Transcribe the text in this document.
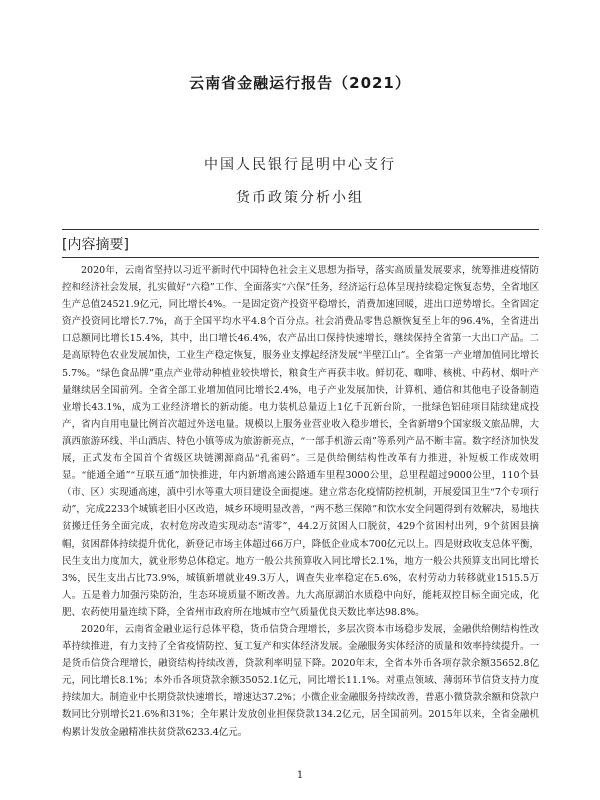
云南省金融运行报告（2021）
中国人民银行昆明中心支行
货币政策分析小组
[内容摘要]

2020年，云南省坚持以习近平新时代中国特色社会主义思想为指导，落实高质量发展要求，统筹推进疫情防控和经济社会发展，扎实做好“六稳”工作、全面落实“六保”任务，经济运行总体呈现持续稳定恢复态势，全省地区生产总值24521.9亿元，同比增长4%。一是固定资产投资平稳增长，消费加速回暖，进出口逆势增长。全省固定资产投资同比增长7.7%，高于全国平均水平4.8个百分点。社会消费品零售总额恢复至上年的96.4%，全省进出口总额同比增长15.4%，其中，出口增长46.4%，农产品出口保持快速增长，继续保持全省第一大出口产品。二是高原特色农业发展加快，工业生产稳定恢复，服务业支撑起经济发展“半壁江山”。全省第一产业增加值同比增长5.7%。“绿色食品牌”重点产业带动种植业较快增长，粮食生产再获丰收。鲜切花、咖啡、核桃、中药材、烟叶产量继续居全国前列。全省全部工业增加值同比增长2.4%，电子产业发展加快，计算机、通信和其他电子设备制造业增长43.1%，成为工业经济增长的新动能。电力装机总量迈上1亿千瓦新台阶，一批绿色铝硅项目陆续建成投产，省内自用电量比例首次超过外送电量。规模以上服务业营业收入稳步增长，全省新增9个国家级文旅品牌，大滇西旅游环线、半山酒店、特色小镇等成为旅游新亮点，“一部手机游云南”等系列产品不断丰富。数字经济加快发展，正式发布全国首个省级区块链溯源商品“孔雀码”。三是供给侧结构性改革有力推进，补短板工作成效明显。“能通全通”“互联互通”加快推进，年内新增高速公路通车里程3000公里，总里程超过9000公里，110个县（市、区）实现通高速，滇中引水等重大项目建设全面提速。建立常态化疫情防控机制，开展爱国卫生“7个专项行动”，完成2233个城镇老旧小区改造，城乡环境明显改善，“两不愁三保障”和饮水安全问题得到有效解决，易地扶贫搬迁任务全面完成，农村危房改造实现动态“清零”，44.2万贫困人口脱贫，429个贫困村出列，9个贫困县摘帽，贫困群体持续提升优化，新登记市场主体超过66万户，降低企业成本700亿元以上。四是财政收支总体平衡，民生支出力度加大，就业形势总体稳定。地方一般公共预算收入同比增长2.1%，地方一般公共预算支出同比增长3%，民生支出占比73.9%，城镇新增就业49.3万人，调查失业率稳定在5.6%，农村劳动力转移就业1515.5万人。五是着力加强污染防治，生态环境质量不断改善。九大高原湖泊水质稳中向好，能耗双控目标全面完成，化肥、农药使用量连续下降，全省州市政府所在地城市空气质量优良天数比率达98.8%。

2020年，云南省金融业运行总体平稳，货币信贷合理增长，多层次资本市场稳步发展，金融供给侧结构性改革持续推进，有力支持了全省疫情防控、复工复产和实体经济发展。金融服务实体经济的质量和效率持续提升。一是货币信贷合理增长，融资结构持续改善，贷款利率明显下降。2020年末，全省本外币各项存款余额35652.8亿元，同比增长8.1%；本外币各项贷款余额35052.1亿元，同比增长11.1%。对重点领域、薄弱环节信贷支持力度持续加大。制造业中长期贷款快速增长，增速达37.2%；小微企业金融服务持续改善，普惠小微贷款余额和贷款户数同比分别增长21.6%和31%；全年累计发放创业担保贷款134.2亿元，居全国前列。2015年以来，全省金融机构累计发放金融精准扶贫贷款6233.4亿元。

1
